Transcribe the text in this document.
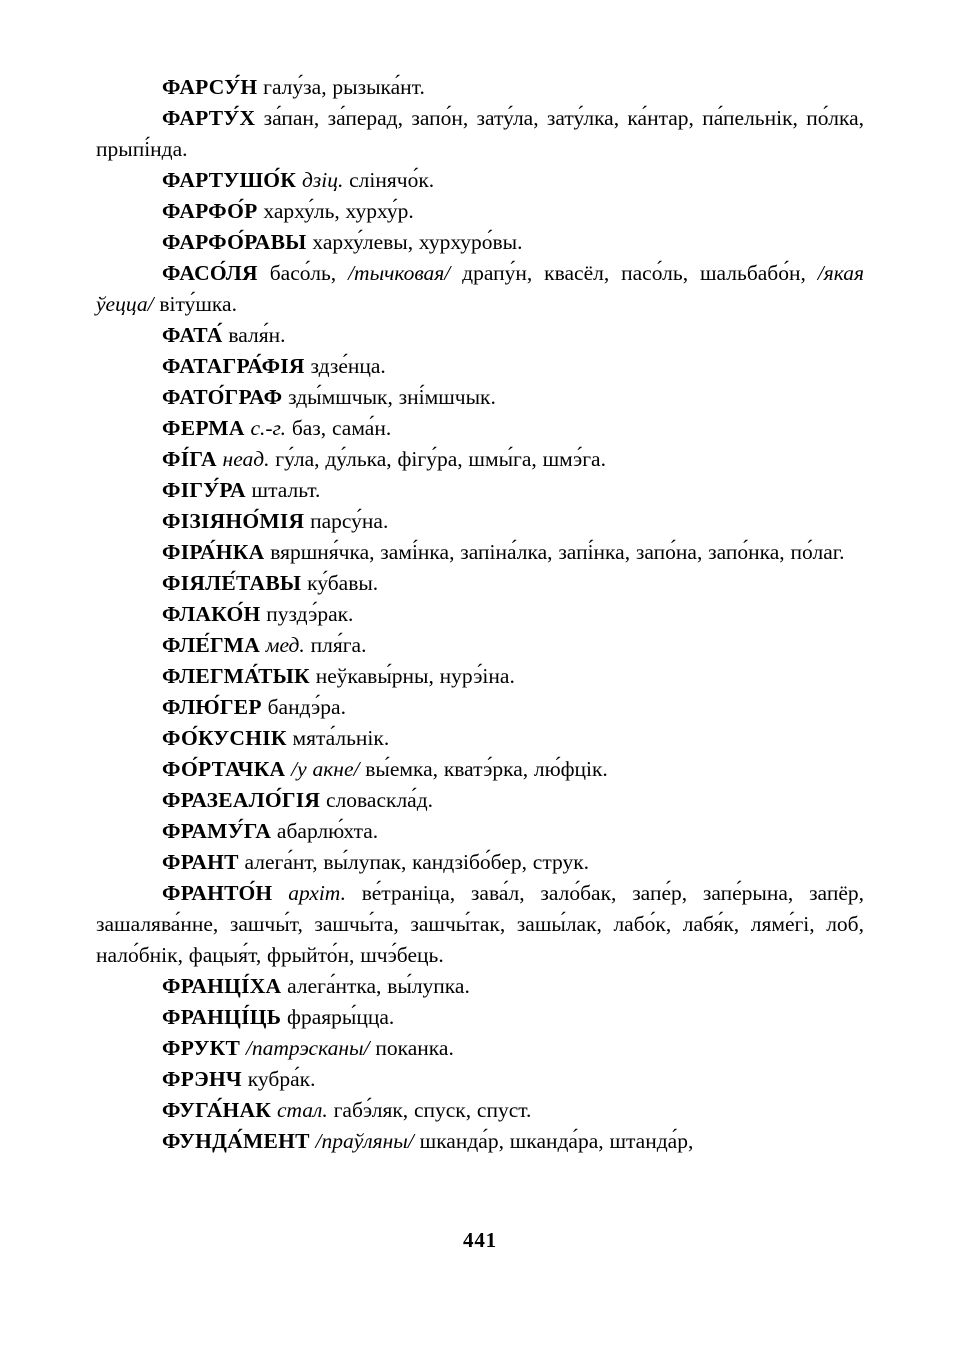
ФАРСУ́Н галу́за, рызыка́нт.

ФАРТУ́Х за́пан, за́перад, запо́н, зату́ла, зату́лка, ка́нтар, па́пельнік, по́лка, прыпі́нда.

ФАРТУШО́К дзіц. слінячо́к.

ФАРФО́Р харху́ль, хурху́р.

ФАРФО́РАВЫ харху́левы, хурхуро́вы.

ФАСО́ЛЯ басо́ль, /тычковая/ драпу́н, квасёл, пасо́ль, шальбабо́н, /якая ўецца/ віту́шка.

ФАТА́ валя́н.

ФАТАГРА́ФІЯ здзе́нца.

ФАТО́ГРАФ зды́мшчык, зні́мшчык.

ФЕРМА с.-г. баз, сама́н.

ФІ́ГА неад. гу́ла, ду́лька, фігу́ра, шмы́га, шмэ́га.

ФІГУ́РА штальт.

ФІЗІЯНО́МІЯ парсу́на.

ФІРА́НКА вяршня́чка, замі́нка, запіна́лка, запі́нка, запо́на, запо́нка, по́лаг.

ФІЯЛЕ́ТАВЫ ку́бавы.

ФЛАКО́Н пуздэ́рак.

ФЛЕ́ГМА мед. пля́га.

ФЛЕГМА́ТЫК неўкавы́рны, нурэ́іна.

ФЛЮ́ГЕР бандэ́ра.

ФО́КУСНІК мята́льнік.

ФО́РТАЧКА /у акне/ вы́емка, кватэ́рка, лю́фцік.

ФРАЗЕАЛО́ГІЯ словаскла́д.

ФРАМУ́ГА абарлю́хта.

ФРАНТ алега́нт, вы́лупак, кандзібо́бер, струк.

ФРАНТО́Н архіт. ве́траніца, зава́л, зало́бак, запе́р, запе́рына, запёр, зашалява́нне, зашчы́т, зашчы́та, зашчы́так, зашы́лак, лабо́к, лабя́к, ляме́гі, лоб, нало́бнік, фацыя́т, фрыйто́н, шчэ́бець.

ФРАНЦІ́ХА алега́нтка, вы́лупка.

ФРАНЦІ́ЦЬ фраяры́цца.

ФРУКТ /патрэсканы/ поканка.

ФРЭНЧ кубра́к.

ФУГА́НАК стал. габэ́ляк, спуск, спуст.

ФУНДА́МЕНТ /праўляны/ шканда́р, шканда́ра, штанда́р,

441
